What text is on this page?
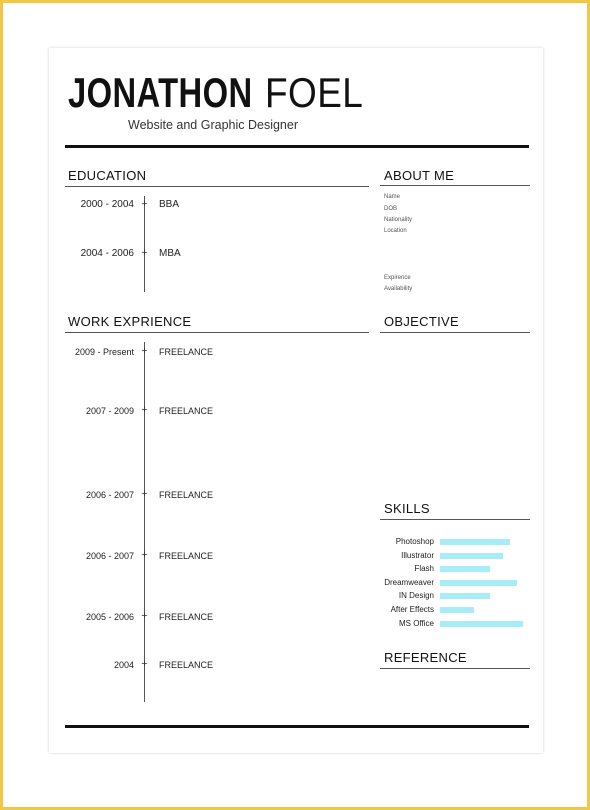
JONATHON FOEL
Website and Graphic Designer
EDUCATION
2000 - 2004 + BBA
2004 - 2006 + MBA
ABOUT ME
Name
DOB
Nationality
Location
Expirence
Availability
WORK EXPRIENCE
2009 - Present + FREELANCE
2007 - 2009 + FREELANCE
2006 - 2007 + FREELANCE
2006 - 2007 + FREELANCE
2005 - 2006 + FREELANCE
2004 + FREELANCE
OBJECTIVE
SKILLS
Photoshop
Illustrator
Flash
Dreamweaver
IN Design
After Effects
MS Office
REFERENCE
